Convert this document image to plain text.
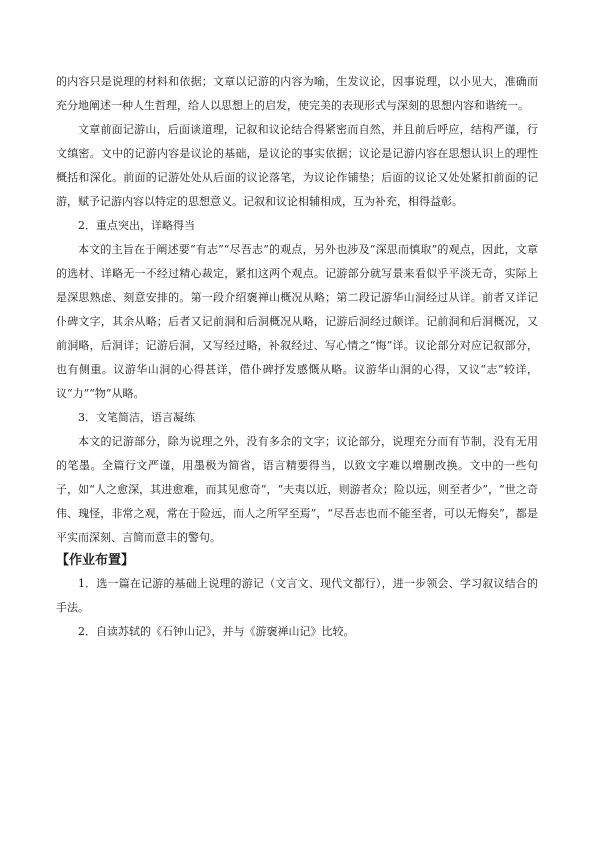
的内容只是说理的材料和依据；文章以记游的内容为喻，生发议论，因事说理，以小见大，准确而充分地阐述一种人生哲理，给人以思想上的启发，使完美的表现形式与深刻的思想内容和谐统一。

文章前面记游山，后面谈道理，记叙和议论结合得紧密而自然，并且前后呼应，结构严谨，行文缜密。文中的记游内容是议论的基础，是议论的事实依据；议论是记游内容在思想认识上的理性概括和深化。前面的记游处处从后面的议论落笔，为议论作铺垫；后面的议论又处处紧扣前面的记游，赋予记游内容以特定的思想意义。记叙和议论相辅相成，互为补充，相得益彰。

2．重点突出，详略得当

本文的主旨在于阐述要“有志”“尽吾志”的观点，另外也涉及“深思而慎取”的观点，因此，文章的选材、详略无一不经过精心裁定，紧扣这两个观点。记游部分就写景来看似乎平淡无奇，实际上是深思熟虑、刻意安排的。第一段介绍褒禅山概况从略；第二段记游华山洞经过从详。前者又详记仆碑文字，其余从略；后者又记前洞和后洞概况从略，记游后洞经过颇详。记前洞和后洞概况，又前洞略，后洞详；记游后洞，又写经过略，补叙经过、写心情之“悔”详。议论部分对应记叙部分，也有侧重。议游华山洞的心得甚详，借仆碑抒发感慨从略。议游华山洞的心得，又议“志”较详，议“力”“物”从略。

3．文笔简洁，语言凝练

本文的记游部分，除为说理之外，没有多余的文字；议论部分，说理充分而有节制，没有无用的笔墨。全篇行文严谨，用墨极为简省，语言精要得当，以致文字难以增删改换。文中的一些句子，如“人之愈深，其进愈难，而其见愈奇”，“夫夷以近，则游者众；险以远，则至者少”，“世之奇伟、瑰怪，非常之观，常在于险远，而人之所罕至焉”，“尽吾志也而不能至者，可以无悔矣”，都是平实而深刻、言简而意丰的警句。

【作业布置】

1．选一篇在记游的基础上说理的游记（文言文、现代文都行），进一步领会、学习叙议结合的手法。

2．自读苏轼的《石钟山记》，并与《游褒禅山记》比较。
